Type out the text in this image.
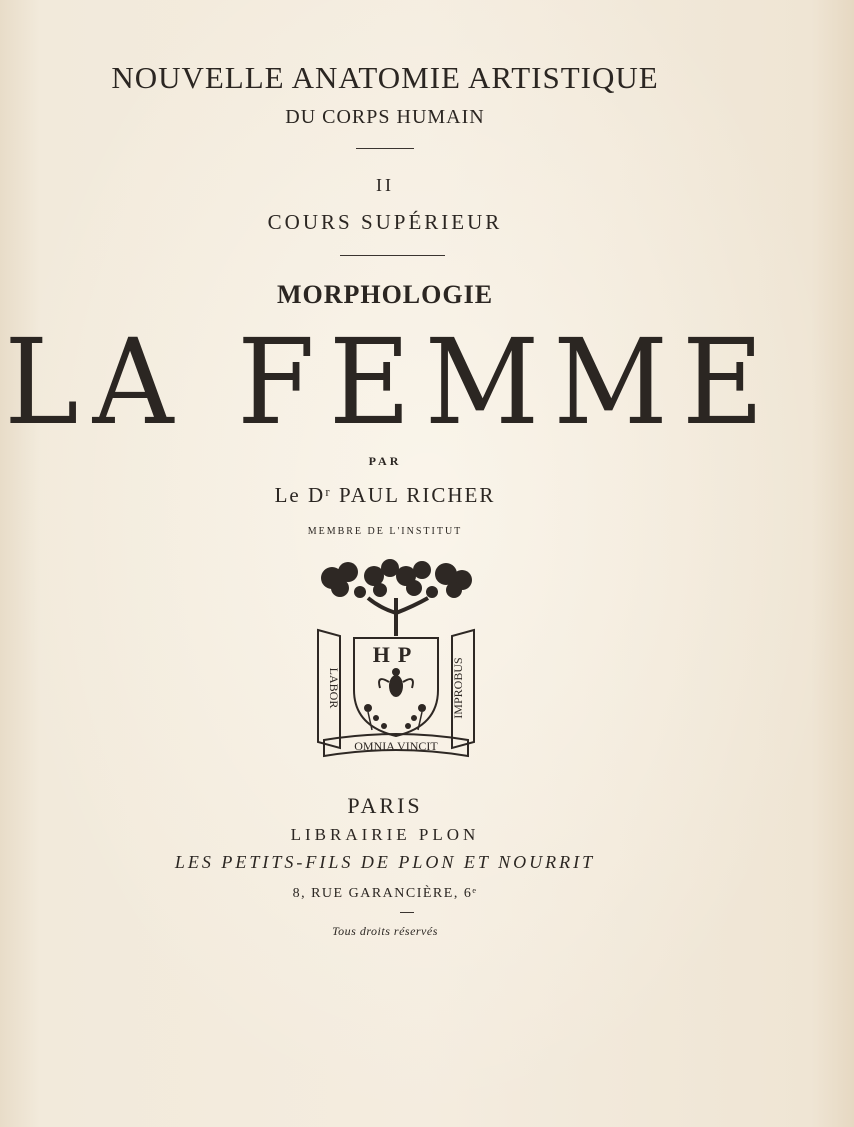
NOUVELLE ANATOMIE ARTISTIQUE
DU CORPS HUMAIN
II
COURS SUPÉRIEUR
MORPHOLOGIE
LA FEMME
PAR
Le Dʳ PAUL RICHER
MEMBRE DE L'INSTITUT
LABOR	IMPROBUS
OMNIA VINCIT
HP
PARIS
LIBRAIRIE PLON
LES PETITS-FILS DE PLON ET NOURRIT
8, RUE GARANCIÈRE, 6ᵉ
Tous droits réservés
